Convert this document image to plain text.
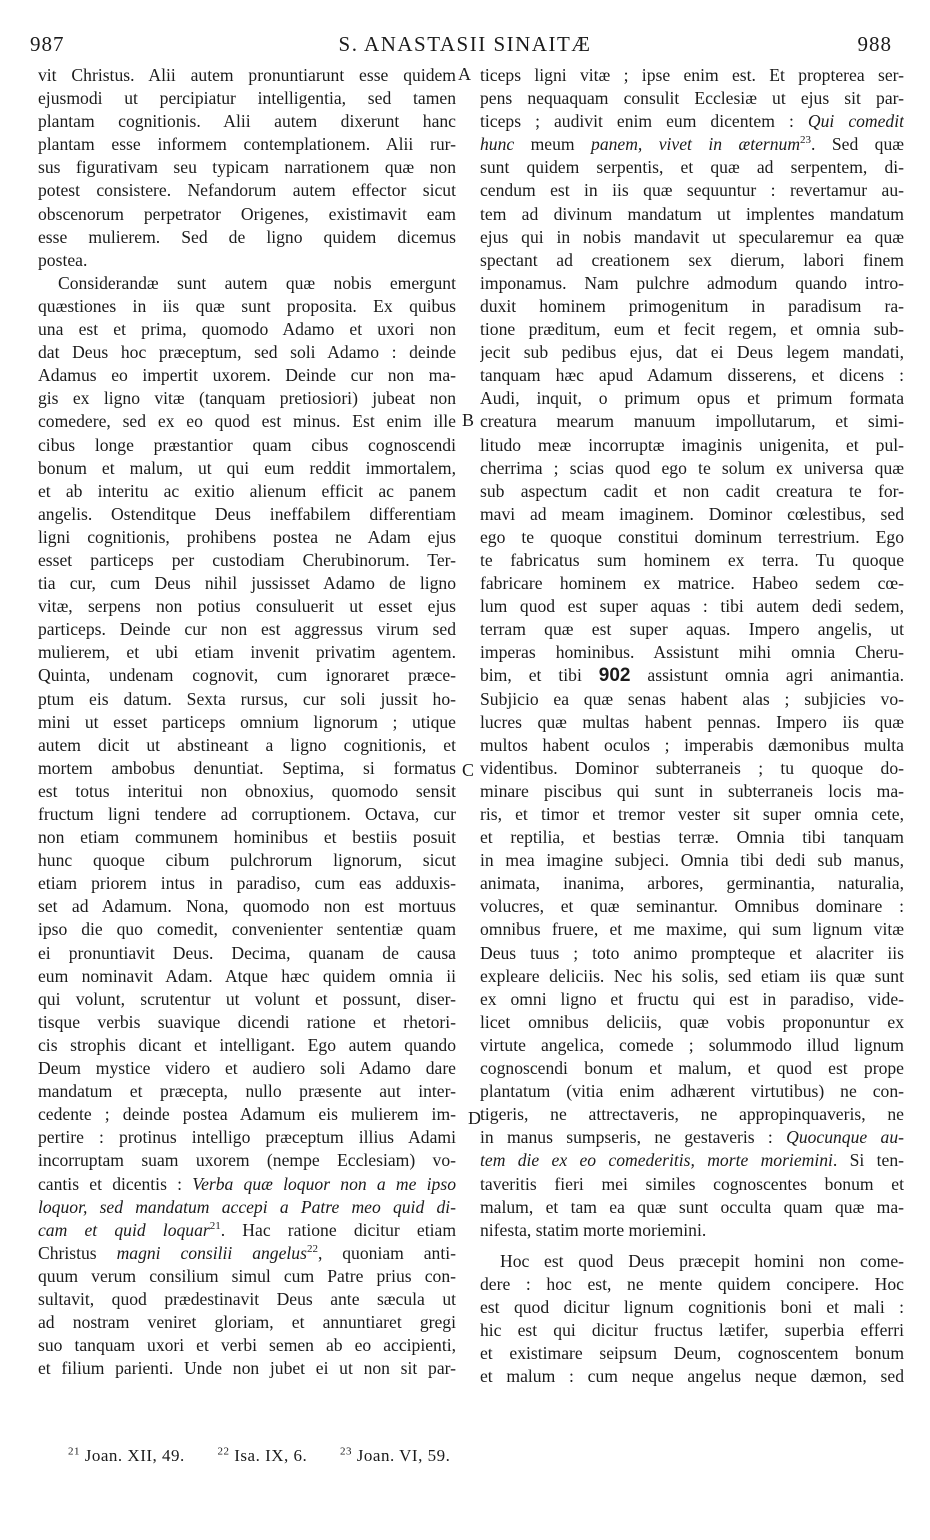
987	S. ANASTASII SINAITÆ	988
vit Christus. Alii autem pronuntiarunt esse quidem
ejusmodi ut percipiatur intelligentia, sed tamen
plantam cognitionis. Alii autem dixerunt hanc
plantam esse informem contemplationem. Alii rur-
sus figurativam seu typicam narrationem quæ non
potest consistere. Nefandorum autem effector sicut
obscenorum perpetrator Origenes, existimavit eam
esse mulierem. Sed de ligno quidem dicemus
postea.
Considerandæ sunt autem quæ nobis emergunt
quæstiones in iis quæ sunt proposita. Ex quibus
una est et prima, quomodo Adamo et uxori non
dat Deus hoc præceptum, sed soli Adamo : deinde
Adamus eo impertit uxorem. Deinde cur non ma-
gis ex ligno vitæ (tanquam pretiosiori) jubeat non
comedere, sed ex eo quod est minus. Est enim ille
cibus longe præstantior quam cibus cognoscendi
bonum et malum, ut qui eum reddit immortalem,
et ab interitu ac exitio alienum efficit ac panem
angelis. Ostenditque Deus ineffabilem differentiam
ligni cognitionis, prohibens postea ne Adam ejus
esset particeps per custodiam Cherubinorum. Ter-
tia cur, cum Deus nihil jussisset Adamo de ligno
vitæ, serpens non potius consuluerit ut esset ejus
particeps. Deinde cur non est aggressus virum sed
mulierem, et ubi etiam invenit privatim agentem.
Quinta, undenam cognovit, cum ignoraret præce-
ptum eis datum. Sexta rursus, cur soli jussit ho-
mini ut esset particeps omnium lignorum ; utique
autem dicit ut abstineant a ligno cognitionis, et
mortem ambobus denuntiat. Septima, si formatus
est totus interitui non obnoxius, quomodo sensit
fructum ligni tendere ad corruptionem. Octava, cur
non etiam communem hominibus et bestiis posuit
hunc quoque cibum pulchrorum lignorum, sicut
etiam priorem intus in paradiso, cum eas adduxis-
set ad Adamum. Nona, quomodo non est mortuus
ipso die quo comedit, convenienter sententiæ quam
ei pronuntiavit Deus. Decima, quanam de causa
eum nominavit Adam. Atque hæc quidem omnia ii
qui volunt, scrutentur ut volunt et possunt, diser-
tisque verbis suavique dicendi ratione et rhetori-
cis strophis dicant et intelligant. Ego autem quando
Deum mystice videro et audiero soli Adamo dare
mandatum et præcepta, nullo præsente aut inter-
cedente ; deinde postea Adamum eis mulierem im-
pertire : protinus intelligo præceptum illius Adami
incorruptam suam uxorem (nempe Ecclesiam) vo-
cantis et dicentis : Verba quæ loquor non a me ipso
loquor, sed mandatum accepi a Patre meo quid di-
cam et quid loquar$^{21}$. Hac ratione dicitur etiam
Christus magni consilii angelus$^{22}$, quoniam anti-
quum verum consilium simul cum Patre prius con-
sultavit, quod prædestinavit Deus ante sæcula ut
ad nostram veniret gloriam, et annuntiaret gregi
suo tanquam uxori et verbi semen ab eo accipienti,
et filium parienti. Unde non jubet ei ut non sit par-
ticeps ligni vitæ ; ipse enim est. Et propterea ser-
pens nequaquam consulit Ecclesiæ ut ejus sit par-
ticeps ; audivit enim eum dicentem : Qui comedit
hunc meum panem, vivet in æternum$^{23}$. Sed quæ
sunt quidem serpentis, et quæ ad serpentem, di-
cendum est in iis quæ sequuntur : revertamur au-
tem ad divinum mandatum ut implentes mandatum
ejus qui in nobis mandavit ut specularemur ea quæ
spectant ad creationem sex dierum, labori finem
imponamus. Nam pulchre admodum quando intro-
duxit hominem primogenitum in paradisum ra-
tione præditum, eum et fecit regem, et omnia sub-
jecit sub pedibus ejus, dat ei Deus legem mandati,
tanquam hæc apud Adamum disserens, et dicens :
Audi, inquit, o primum opus et primum formata
creatura mearum manuum impollutarum, et simi-
litudo meæ incorruptæ imaginis unigenita, et pul-
cherrima ; scias quod ego te solum ex universa quæ
sub aspectum cadit et non cadit creatura te for-
mavi ad meam imaginem. Dominor cœlestibus, sed
ego te quoque constitui dominum terrestrium. Ego
te fabricatus sum hominem ex terra. Tu quoque
fabricare hominem ex matrice. Habeo sedem cœ-
lum quod est super aquas : tibi autem dedi sedem,
terram quæ est super aquas. Impero angelis, ut
imperas hominibus. Assistunt mihi omnia Cheru-
bim, et tibi 902 assistunt omnia agri animantia.
Subjicio ea quæ senas habent alas ; subjicies vo-
lucres quæ multas habent pennas. Impero iis quæ
multos habent oculos ; imperabis dæmonibus multa
videntibus. Dominor subterraneis ; tu quoque do-
minare piscibus qui sunt in subterraneis locis ma-
ris, et timor et tremor vester sit super omnia cete,
et reptilia, et bestias terræ. Omnia tibi tanquam
in mea imagine subjeci. Omnia tibi dedi sub manus,
animata, inanima, arbores, germinantia, naturalia,
volucres, et quæ seminantur. Omnibus dominare :
omnibus fruere, et me maxime, qui sum lignum vitæ
Deus tuus ; toto animo prompteque et alacriter iis
expleare deliciis. Nec his solis, sed etiam iis quæ sunt
ex omni ligno et fructu qui est in paradiso, vide-
licet omnibus deliciis, quæ vobis proponuntur ex
virtute angelica, comede ; solummodo illud lignum
cognoscendi bonum et malum, et quod est prope
plantatum (vitia enim adhærent virtutibus) ne con-
tigeris, ne attrectaveris, ne appropinquaveris, ne
in manus sumpseris, ne gestaveris : Quocunque au-
tem die ex eo comederitis, morte moriemini. Si ten-
taveritis fieri mei similes cognoscentes bonum et
malum, et tam ea quæ sunt occulta quam quæ ma-
nifesta, statim morte moriemini.
Hoc est quod Deus præcepit homini non come-
dere : hoc est, ne mente quidem concipere. Hoc
est quod dicitur lignum cognitionis boni et mali :
hic est qui dicitur fructus lætifer, superbia efferri
et existimare seipsum Deum, cognoscentem bonum
et malum : cum neque angelus neque dæmon, sed
A
B
C
D
$^{21}$ Joan. XII, 49.	$^{22}$ Isa. IX, 6.	$^{23}$ Joan. VI, 59.
